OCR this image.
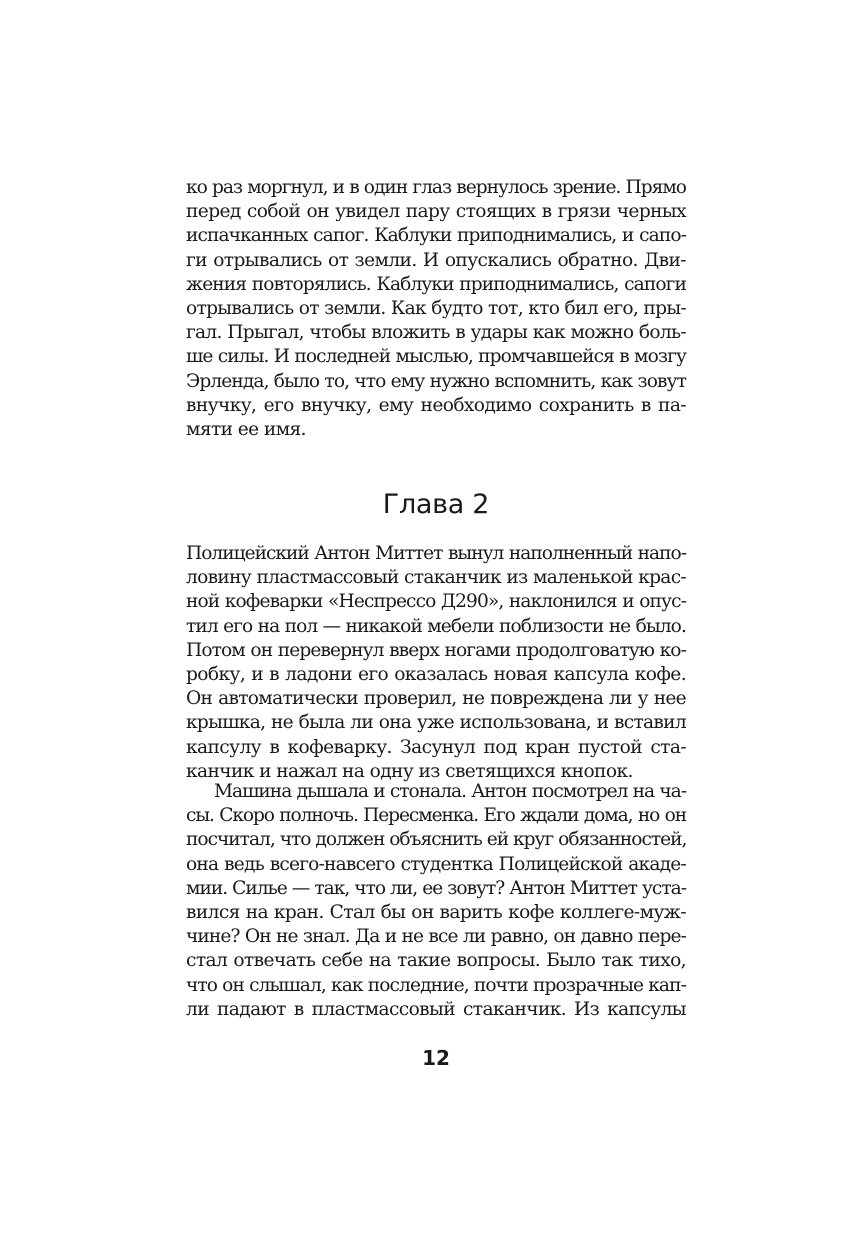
ко раз моргнул, и в один глаз вернулось зрение. Прямо
перед собой он увидел пару стоящих в грязи черных
испачканных сапог. Каблуки приподнимались, и сапо-
ги отрывались от земли. И опускались обратно. Дви-
жения повторялись. Каблуки приподнимались, сапоги
отрывались от земли. Как будто тот, кто бил его, пры-
гал. Прыгал, чтобы вложить в удары как можно боль-
ше силы. И последней мыслью, промчавшейся в мозгу
Эрленда, было то, что ему нужно вспомнить, как зовут
внучку, его внучку, ему необходимо сохранить в па-
мяти ее имя.
Глава 2
Полицейский Антон Миттет вынул наполненный напо-
ловину пластмассовый стаканчик из маленькой крас-
ной кофеварки «Неспрессо Д290», наклонился и опус-
тил его на пол — никакой мебели поблизости не было.
Потом он перевернул вверх ногами продолговатую ко-
робку, и в ладони его оказалась новая капсула кофе.
Он автоматически проверил, не повреждена ли у нее
крышка, не была ли она уже использована, и вставил
капсулу в кофеварку. Засунул под кран пустой ста-
канчик и нажал на одну из светящихся кнопок.
Машина дышала и стонала. Антон посмотрел на ча-
сы. Скоро полночь. Пересменка. Его ждали дома, но он
посчитал, что должен объяснить ей круг обязанностей,
она ведь всего-навсего студентка Полицейской акаде-
мии. Силье — так, что ли, ее зовут? Антон Миттет уста-
вился на кран. Стал бы он варить кофе коллеге-муж-
чине? Он не знал. Да и не все ли равно, он давно пере-
стал отвечать себе на такие вопросы. Было так тихо,
что он слышал, как последние, почти прозрачные кап-
ли падают в пластмассовый стаканчик. Из капсулы
12
